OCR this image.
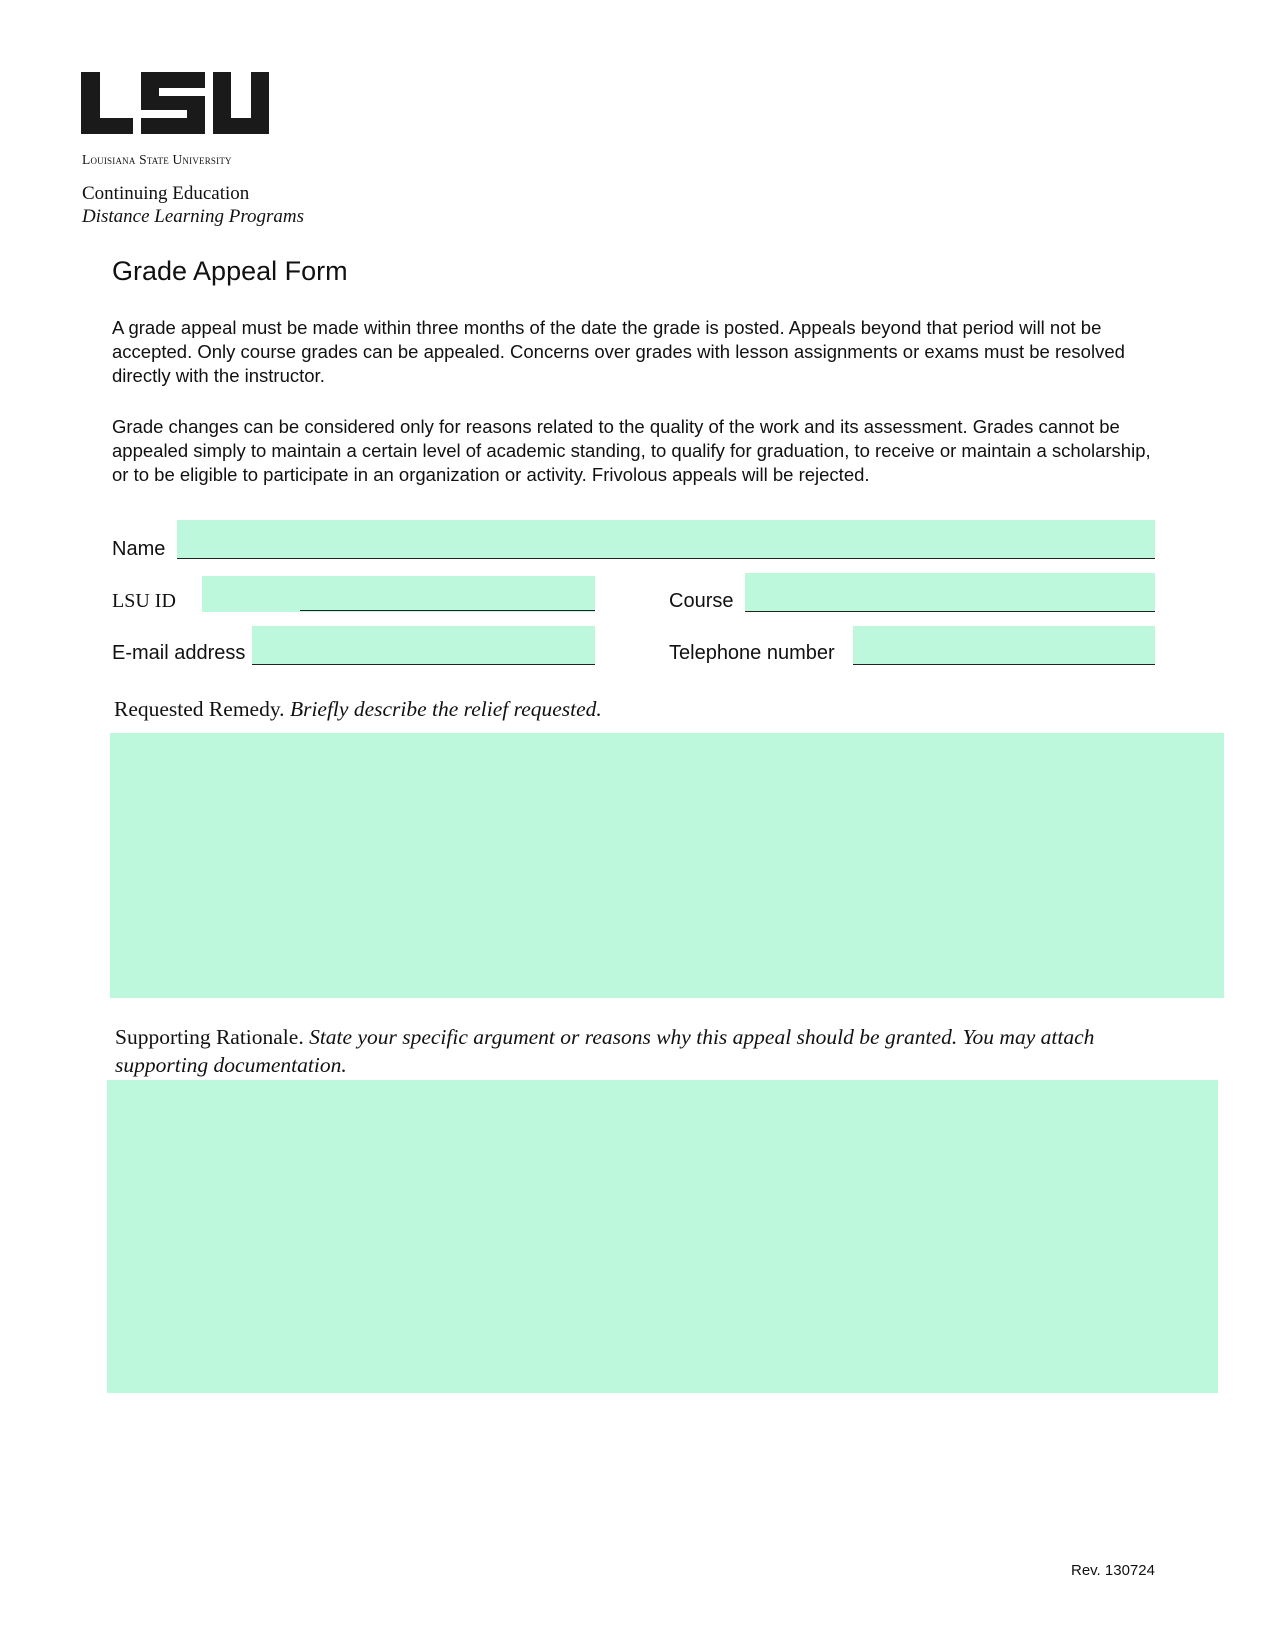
Louisiana State University
Continuing Education
Distance Learning Programs
Grade Appeal Form
A grade appeal must be made within three months of the date the grade is posted. Appeals beyond that period will not be accepted. Only course grades can be appealed. Concerns over grades with lesson assignments or exams must be resolved directly with the instructor.
Grade changes can be considered only for reasons related to the quality of the work and its assessment. Grades cannot be appealed simply to maintain a certain level of academic standing, to qualify for graduation, to receive or maintain a scholarship, or to be eligible to participate in an organization or activity. Frivolous appeals will be rejected.
Name
LSU ID	Course
E-mail address	Telephone number
Requested Remedy. Briefly describe the relief requested.
Supporting Rationale. State your specific argument or reasons why this appeal should be granted. You may attach supporting documentation.
Rev. 130724
